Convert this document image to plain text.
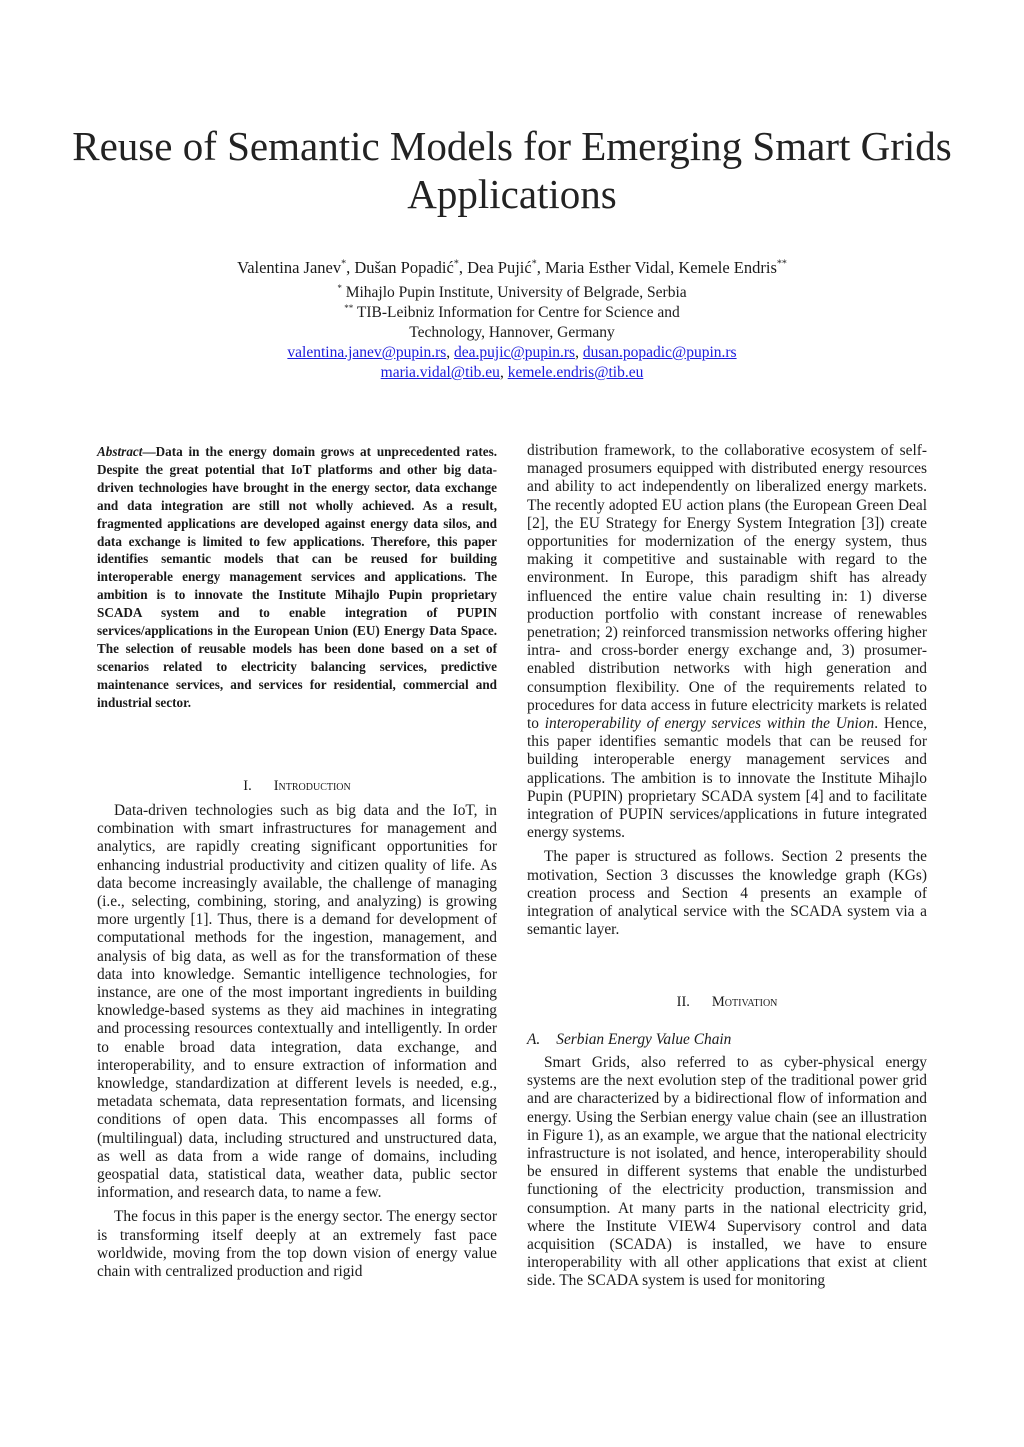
Reuse of Semantic Models for Emerging Smart Grids Applications
Valentina Janev*, Dušan Popadić*, Dea Pujić*, Maria Esther Vidal, Kemele Endris**
* Mihajlo Pupin Institute, University of Belgrade, Serbia
** TIB-Leibniz Information for Centre for Science and
Technology, Hannover, Germany
valentina.janev@pupin.rs, dea.pujic@pupin.rs, dusan.popadic@pupin.rs
maria.vidal@tib.eu, kemele.endris@tib.eu

Abstract—Data in the energy domain grows at unprecedented rates. Despite the great potential that IoT platforms and other big data-driven technologies have brought in the energy sector, data exchange and data integration are still not wholly achieved. As a result, fragmented applications are developed against energy data silos, and data exchange is limited to few applications. Therefore, this paper identifies semantic models that can be reused for building interoperable energy management services and applications. The ambition is to innovate the Institute Mihajlo Pupin proprietary SCADA system and to enable integration of PUPIN services/applications in the European Union (EU) Energy Data Space. The selection of reusable models has been done based on a set of scenarios related to electricity balancing services, predictive maintenance services, and services for residential, commercial and industrial sector.

I. Introduction

Data-driven technologies such as big data and the IoT, in combination with smart infrastructures for management and analytics, are rapidly creating significant opportunities for enhancing industrial productivity and citizen quality of life. As data become increasingly available, the challenge of managing (i.e., selecting, combining, storing, and analyzing) is growing more urgently [1]. Thus, there is a demand for development of computational methods for the ingestion, management, and analysis of big data, as well as for the transformation of these data into knowledge. Semantic intelligence technologies, for instance, are one of the most important ingredients in building knowledge-based systems as they aid machines in integrating and processing resources contextually and intelligently. In order to enable broad data integration, data exchange, and interoperability, and to ensure extraction of information and knowledge, standardization at different levels is needed, e.g., metadata schemata, data representation formats, and licensing conditions of open data. This encompasses all forms of (multilingual) data, including structured and unstructured data, as well as data from a wide range of domains, including geospatial data, statistical data, weather data, public sector information, and research data, to name a few.

The focus in this paper is the energy sector. The energy sector is transforming itself deeply at an extremely fast pace worldwide, moving from the top down vision of energy value chain with centralized production and rigid

distribution framework, to the collaborative ecosystem of self-managed prosumers equipped with distributed energy resources and ability to act independently on liberalized energy markets. The recently adopted EU action plans (the European Green Deal [2], the EU Strategy for Energy System Integration [3]) create opportunities for modernization of the energy system, thus making it competitive and sustainable with regard to the environment. In Europe, this paradigm shift has already influenced the entire value chain resulting in: 1) diverse production portfolio with constant increase of renewables penetration; 2) reinforced transmission networks offering higher intra- and cross-border energy exchange and, 3) prosumer-enabled distribution networks with high generation and consumption flexibility. One of the requirements related to procedures for data access in future electricity markets is related to interoperability of energy services within the Union. Hence, this paper identifies semantic models that can be reused for building interoperable energy management services and applications. The ambition is to innovate the Institute Mihajlo Pupin (PUPIN) proprietary SCADA system [4] and to facilitate integration of PUPIN services/applications in future integrated energy systems.

The paper is structured as follows. Section 2 presents the motivation, Section 3 discusses the knowledge graph (KGs) creation process and Section 4 presents an example of integration of analytical service with the SCADA system via a semantic layer.

II. Motivation
A. Serbian Energy Value Chain

Smart Grids, also referred to as cyber-physical energy systems are the next evolution step of the traditional power grid and are characterized by a bidirectional flow of information and energy. Using the Serbian energy value chain (see an illustration in Figure 1), as an example, we argue that the national electricity infrastructure is not isolated, and hence, interoperability should be ensured in different systems that enable the undisturbed functioning of the electricity production, transmission and consumption. At many parts in the national electricity grid, where the Institute VIEW4 Supervisory control and data acquisition (SCADA) is installed, we have to ensure interoperability with all other applications that exist at client side. The SCADA system is used for monitoring
